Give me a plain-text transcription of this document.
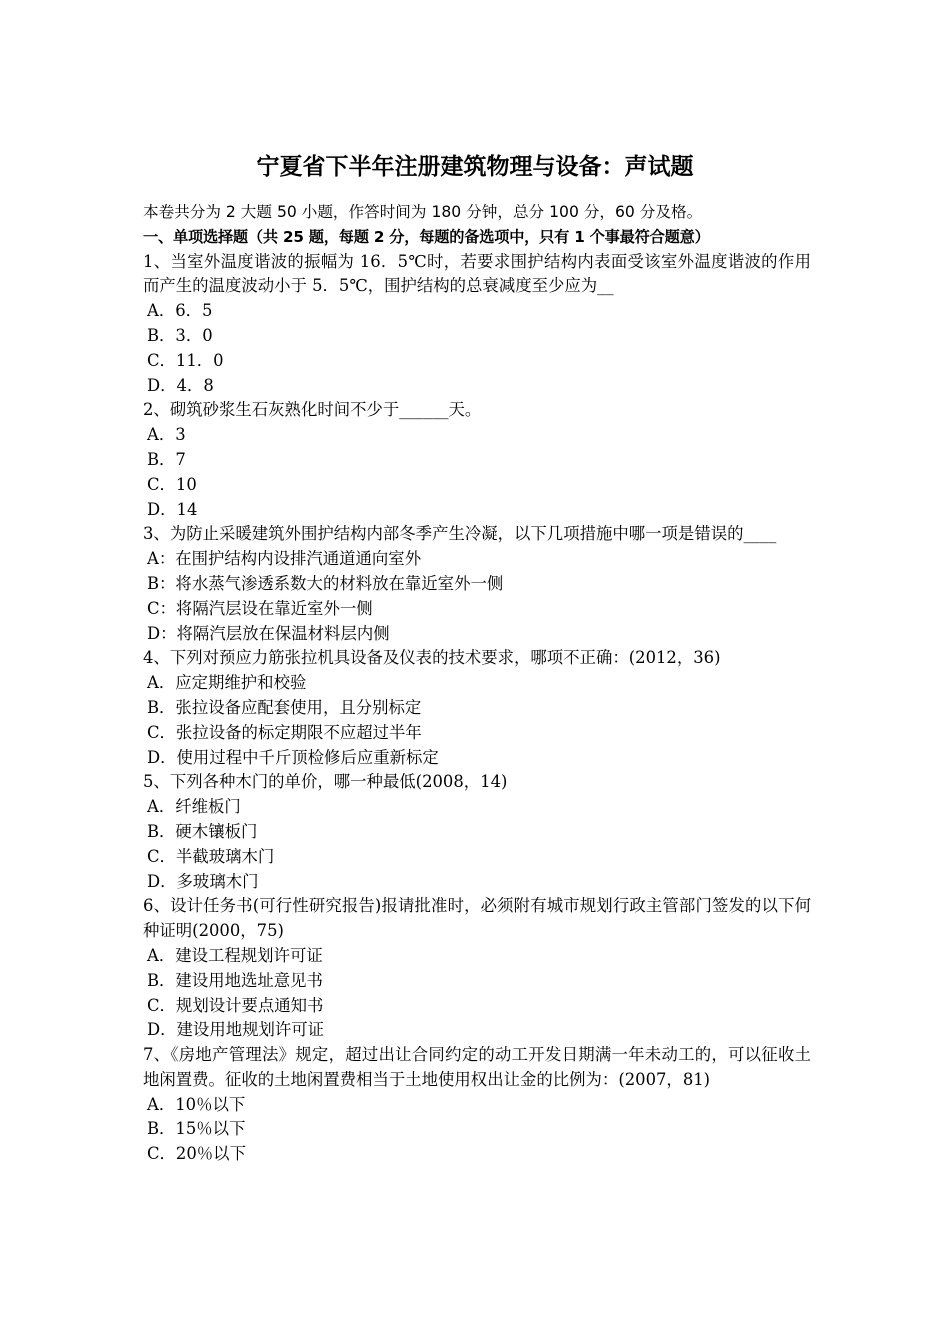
宁夏省下半年注册建筑物理与设备：声试题
本卷共分为 2 大题 50 小题，作答时间为 180 分钟，总分 100 分，60 分及格。
一、单项选择题（共 25 题，每题 2 分，每题的备选项中，只有 1 个事最符合题意）
1、当室外温度谐波的振幅为 16．5℃时，若要求围护结构内表面受该室外温度谐波的作用而产生的温度波动小于 5．5℃，围护结构的总衰减度至少应为__
A．6．5
B．3．0
C．11．0
D．4．8
2、砌筑砂浆生石灰熟化时间不少于______天。
A．3
B．7
C．10
D．14
3、为防止采暖建筑外围护结构内部冬季产生冷凝，以下几项措施中哪一项是错误的____
A：在围护结构内设排汽通道通向室外
B：将水蒸气渗透系数大的材料放在靠近室外一侧
C：将隔汽层设在靠近室外一侧
D：将隔汽层放在保温材料层内侧
4、下列对预应力筋张拉机具设备及仪表的技术要求，哪项不正确：(2012，36)
A．应定期维护和校验
B．张拉设备应配套使用，且分别标定
C．张拉设备的标定期限不应超过半年
D．使用过程中千斤顶检修后应重新标定
5、下列各种木门的单价，哪一种最低(2008，14)
A．纤维板门
B．硬木镶板门
C．半截玻璃木门
D．多玻璃木门
6、设计任务书(可行性研究报告)报请批准时，必须附有城市规划行政主管部门签发的以下何种证明(2000，75)
A．建设工程规划许可证
B．建设用地选址意见书
C．规划设计要点通知书
D．建设用地规划许可证
7、《房地产管理法》规定，超过出让合同约定的动工开发日期满一年未动工的，可以征收土地闲置费。征收的土地闲置费相当于土地使用权出让金的比例为：(2007，81)
A．10％以下
B．15％以下
C．20％以下
